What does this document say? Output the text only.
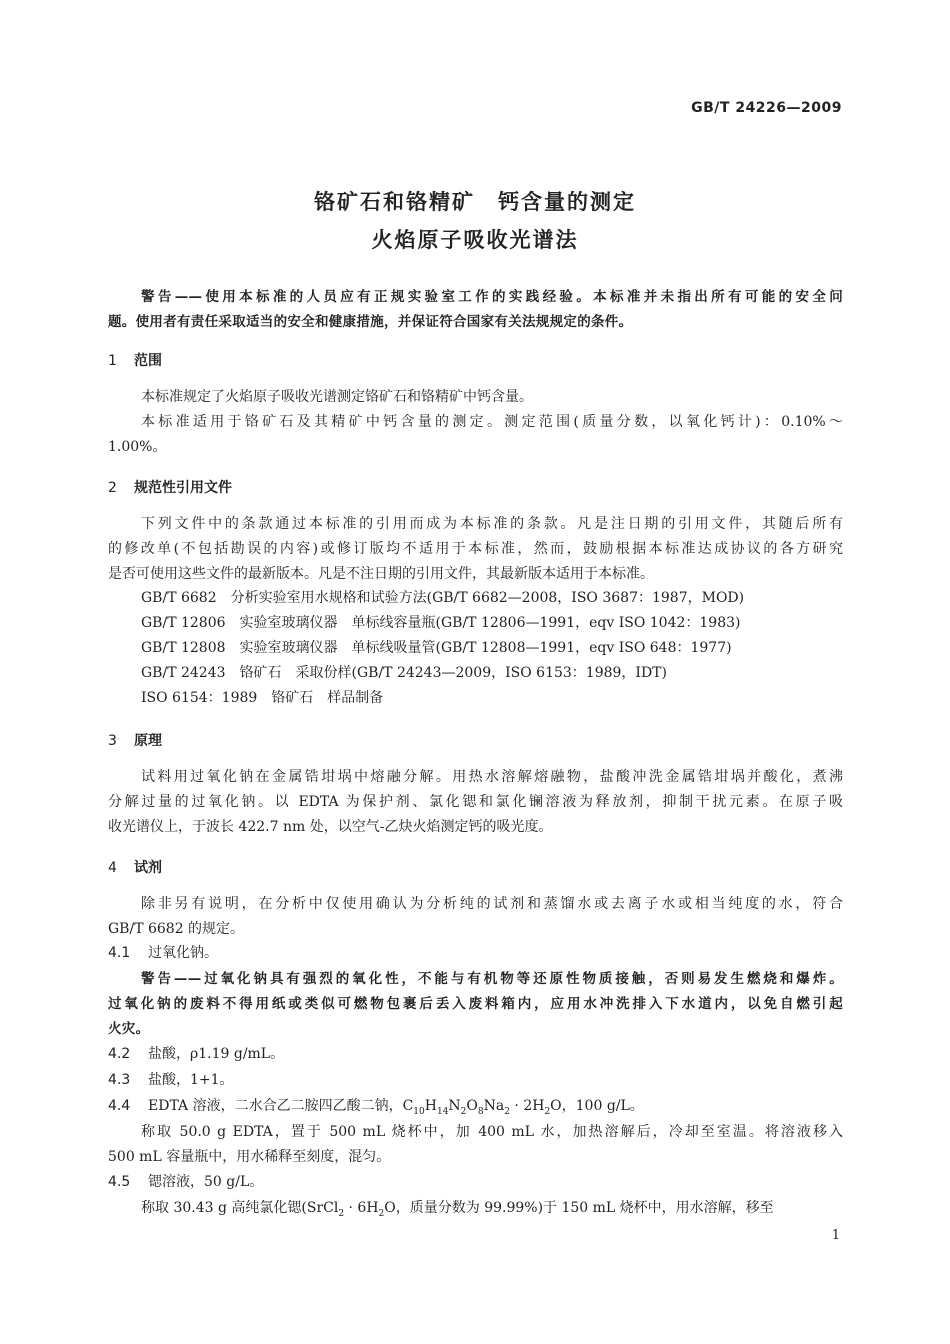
GB/T 24226—2009
铬矿石和铬精矿　钙含量的测定
火焰原子吸收光谱法
警告——使用本标准的人员应有正规实验室工作的实践经验。本标准并未指出所有可能的安全问
题。使用者有责任采取适当的安全和健康措施，并保证符合国家有关法规规定的条件。
1 范围
本标准规定了火焰原子吸收光谱测定铬矿石和铬精矿中钙含量。
本标准适用于铬矿石及其精矿中钙含量的测定。测定范围(质量分数，以氧化钙计)：0.10%～
1.00%。
2 规范性引用文件
下列文件中的条款通过本标准的引用而成为本标准的条款。凡是注日期的引用文件，其随后所有
的修改单(不包括勘误的内容)或修订版均不适用于本标准，然而，鼓励根据本标准达成协议的各方研究
是否可使用这些文件的最新版本。凡是不注日期的引用文件，其最新版本适用于本标准。
GB/T 6682　分析实验室用水规格和试验方法(GB/T 6682—2008，ISO 3687：1987，MOD)
GB/T 12806　实验室玻璃仪器　单标线容量瓶(GB/T 12806—1991，eqv ISO 1042：1983)
GB/T 12808　实验室玻璃仪器　单标线吸量管(GB/T 12808—1991，eqv ISO 648：1977)
GB/T 24243　铬矿石　采取份样(GB/T 24243—2009，ISO 6153：1989，IDT)
ISO 6154：1989　铬矿石　样品制备
3 原理
试料用过氧化钠在金属锆坩埚中熔融分解。用热水溶解熔融物，盐酸冲洗金属锆坩埚并酸化，煮沸
分解过量的过氧化钠。以 EDTA 为保护剂、氯化锶和氯化镧溶液为释放剂，抑制干扰元素。在原子吸
收光谱仪上，于波长 422.7 nm 处，以空气-乙炔火焰测定钙的吸光度。
4 试剂
除非另有说明，在分析中仅使用确认为分析纯的试剂和蒸馏水或去离子水或相当纯度的水，符合
GB/T 6682 的规定。
4.1 过氧化钠。
警告——过氧化钠具有强烈的氧化性，不能与有机物等还原性物质接触，否则易发生燃烧和爆炸。
过氧化钠的废料不得用纸或类似可燃物包裹后丢入废料箱内，应用水冲洗排入下水道内，以免自燃引起
火灾。
4.2 盐酸，ρ1.19 g/mL。
4.3 盐酸，1+1。
4.4 EDTA 溶液，二水合乙二胺四乙酸二钠，$C_{10}H_{14}N_2O_8Na_2 \cdot 2H_2O$，100 g/L。
称取 50.0 g EDTA，置于 500 mL 烧杯中，加 400 mL 水，加热溶解后，冷却至室温。将溶液移入
500 mL 容量瓶中，用水稀释至刻度，混匀。
4.5 锶溶液，50 g/L。
称取 30.43 g 高纯氯化锶(SrCl$_2$ · $6H_2O$，质量分数为 99.99%)于 150 mL 烧杯中，用水溶解，移至
1
